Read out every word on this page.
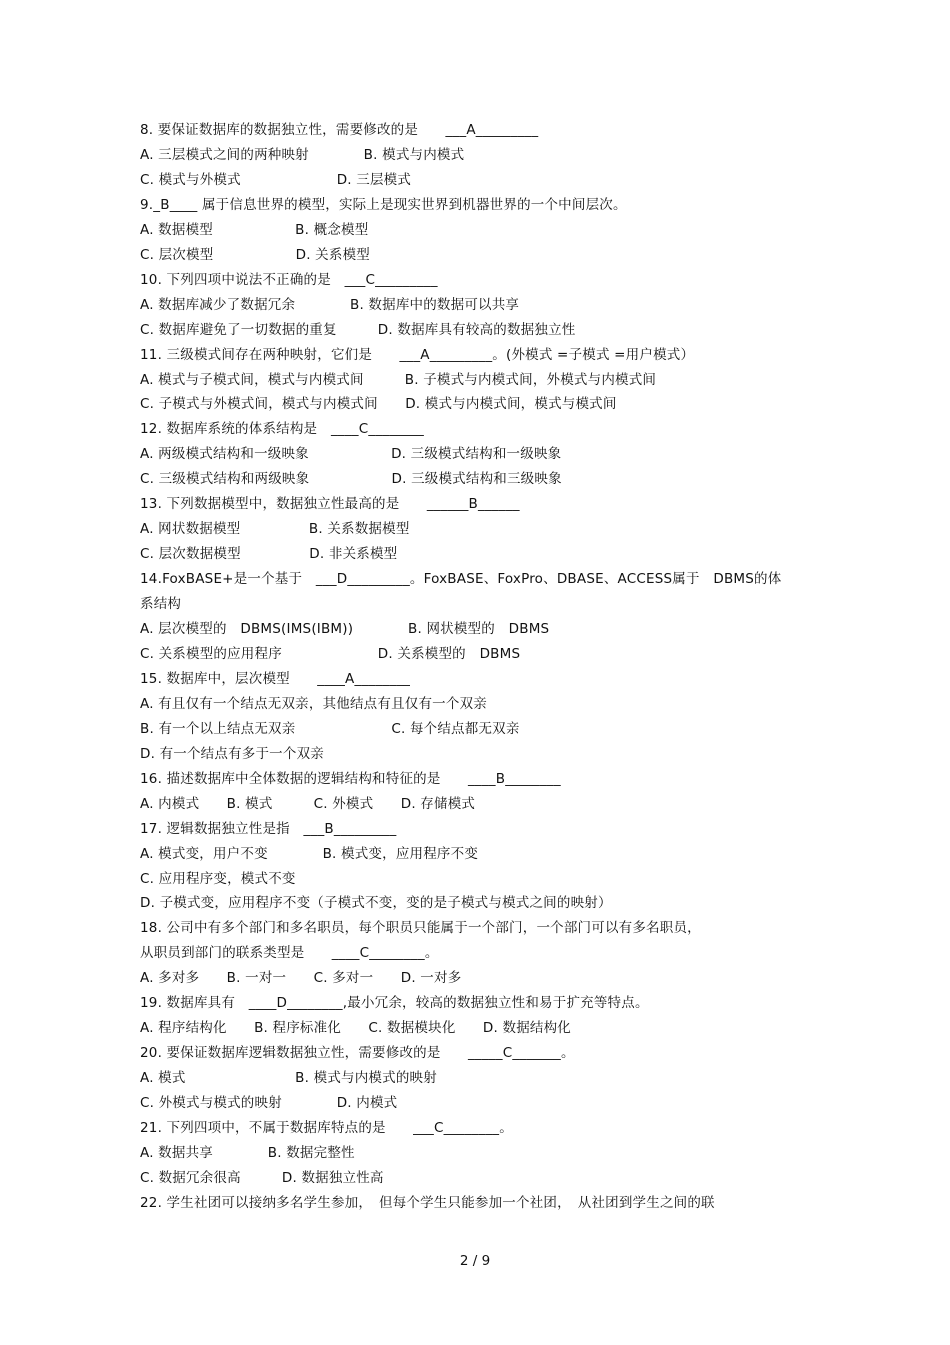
8. 要保证数据库的数据独立性，需要修改的是　　___A_________
A. 三层模式之间的两种映射　　　　B. 模式与内模式
C. 模式与外模式　　　　　　　D. 三层模式
9._B____ 属于信息世界的模型，实际上是现实世界到机器世界的一个中间层次。
A. 数据模型　　　　　　B. 概念模型
C. 层次模型　　　　　　D. 关系模型
10. 下列四项中说法不正确的是　___C_________
A. 数据库减少了数据冗余　　　　B. 数据库中的数据可以共享
C. 数据库避免了一切数据的重复　　　D. 数据库具有较高的数据独立性
11. 三级模式间存在两种映射，它们是　　___A_________。(外模式 =子模式 =用户模式）
A. 模式与子模式间，模式与内模式间　　　B. 子模式与内模式间，外模式与内模式间
C. 子模式与外模式间，模式与内模式间　　D. 模式与内模式间，模式与模式间
12. 数据库系统的体系结构是　____C________
A. 两级模式结构和一级映象　　　　　　D. 三级模式结构和一级映象
C. 三级模式结构和两级映象　　　　　　D. 三级模式结构和三级映象
13. 下列数据模型中，数据独立性最高的是　　______B______
A. 网状数据模型　　　　　B. 关系数据模型
C. 层次数据模型　　　　　D. 非关系模型
14.FoxBASE+是一个基于　___D_________。FoxBASE、FoxPro、DBASE、ACCESS属于　DBMS的体
系结构
A. 层次模型的　DBMS(IMS(IBM))　　　　B. 网状模型的　DBMS
C. 关系模型的应用程序　　　　　　　D. 关系模型的　DBMS
15. 数据库中，层次模型　　____A________
A. 有且仅有一个结点无双亲，其他结点有且仅有一个双亲
B. 有一个以上结点无双亲　　　　　　　C. 每个结点都无双亲
D. 有一个结点有多于一个双亲
16. 描述数据库中全体数据的逻辑结构和特征的是　　____B________
A. 内模式　　B. 模式　　　C. 外模式　　D. 存储模式
17. 逻辑数据独立性是指　___B_________
A. 模式变，用户不变　　　　B. 模式变，应用程序不变
C. 应用程序变，模式不变
D. 子模式变，应用程序不变（子模式不变，变的是子模式与模式之间的映射）
18. 公司中有多个部门和多名职员，每个职员只能属于一个部门，一个部门可以有多名职员，
从职员到部门的联系类型是　　____C________。
A. 多对多　　B. 一对一　　C. 多对一　　D. 一对多
19. 数据库具有　____D________,最小冗余，较高的数据独立性和易于扩充等特点。
A. 程序结构化　　B. 程序标准化　　C. 数据模块化　　D. 数据结构化
20. 要保证数据库逻辑数据独立性，需要修改的是　　_____C_______。
A. 模式　　　　　　　　B. 模式与内模式的映射
C. 外模式与模式的映射　　　　D. 内模式
21. 下列四项中，不属于数据库特点的是　　___C________。
A. 数据共享　　　　B. 数据完整性
C. 数据冗余很高　　　D. 数据独立性高
22. 学生社团可以接纳多名学生参加，　但每个学生只能参加一个社团，　从社团到学生之间的联
2 / 9
